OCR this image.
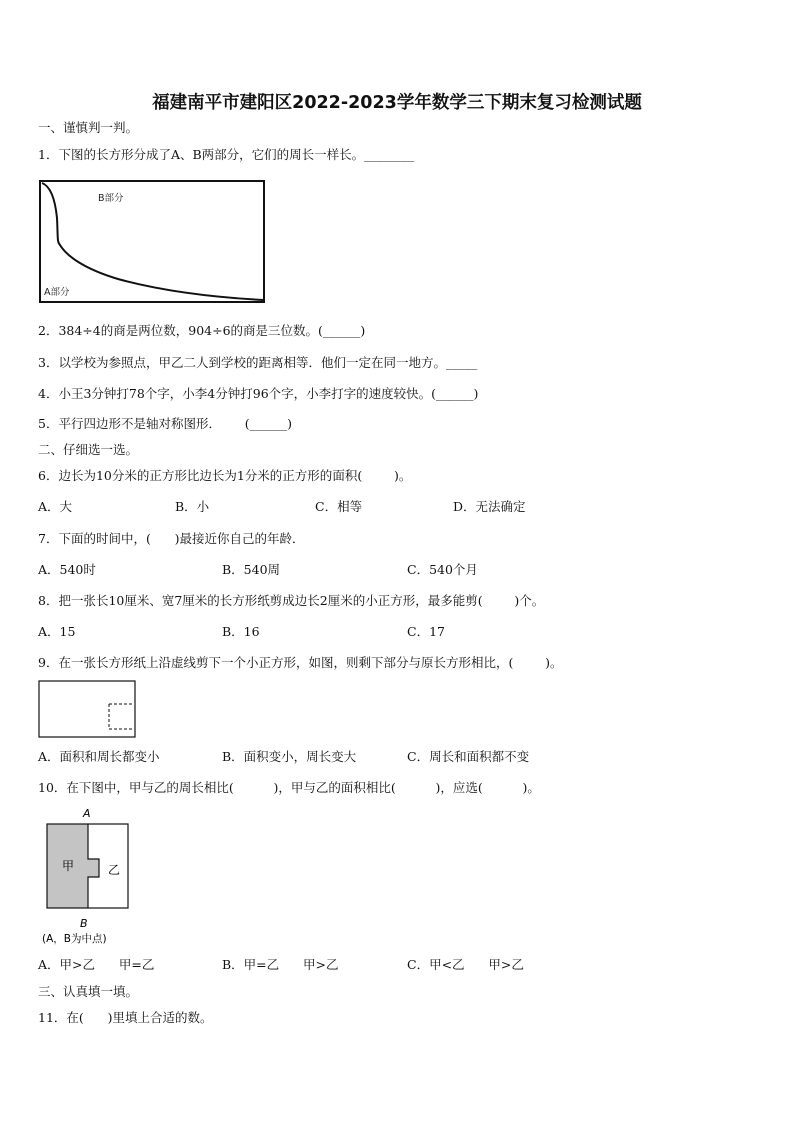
福建南平市建阳区2022-2023学年数学三下期末复习检测试题
一、谨慎判一判。
1．下图的长方形分成了A、B两部分，它们的周长一样长。________
B部分
A部分
2．384÷4的商是两位数，904÷6的商是三位数。(______)
3．以学校为参照点，甲乙二人到学校的距离相等．他们一定在同一地方。_____
4．小王3分钟打78个字，小李4分钟打96个字，小李打字的速度较快。(______)
5．平行四边形不是轴对称图形．      (______)
二、仔细选一选。
6．边长为10分米的正方形比边长为1分米的正方形的面积(        )。
A．大	B．小	C．相等	D．无法确定
7．下面的时间中，(      )最接近你自己的年龄．
A．540时	B．540周	C．540个月
8．把一张长10厘米、宽7厘米的长方形纸剪成边长2厘米的小正方形，最多能剪(        )个。
A．15	B．16	C．17
9．在一张长方形纸上沿虚线剪下一个小正方形，如图，则剩下部分与原长方形相比，(        )。
A．面积和周长都变小	B．面积变小，周长变大	C．周长和面积都不变
10．在下图中，甲与乙的周长相比(          )，甲与乙的面积相比(          )，应选(          )。
A
甲	乙
B
(A，B为中点)
A．甲>乙      甲=乙	B．甲=乙      甲>乙	C．甲<乙      甲>乙
三、认真填一填。
11．在(      )里填上合适的数。
